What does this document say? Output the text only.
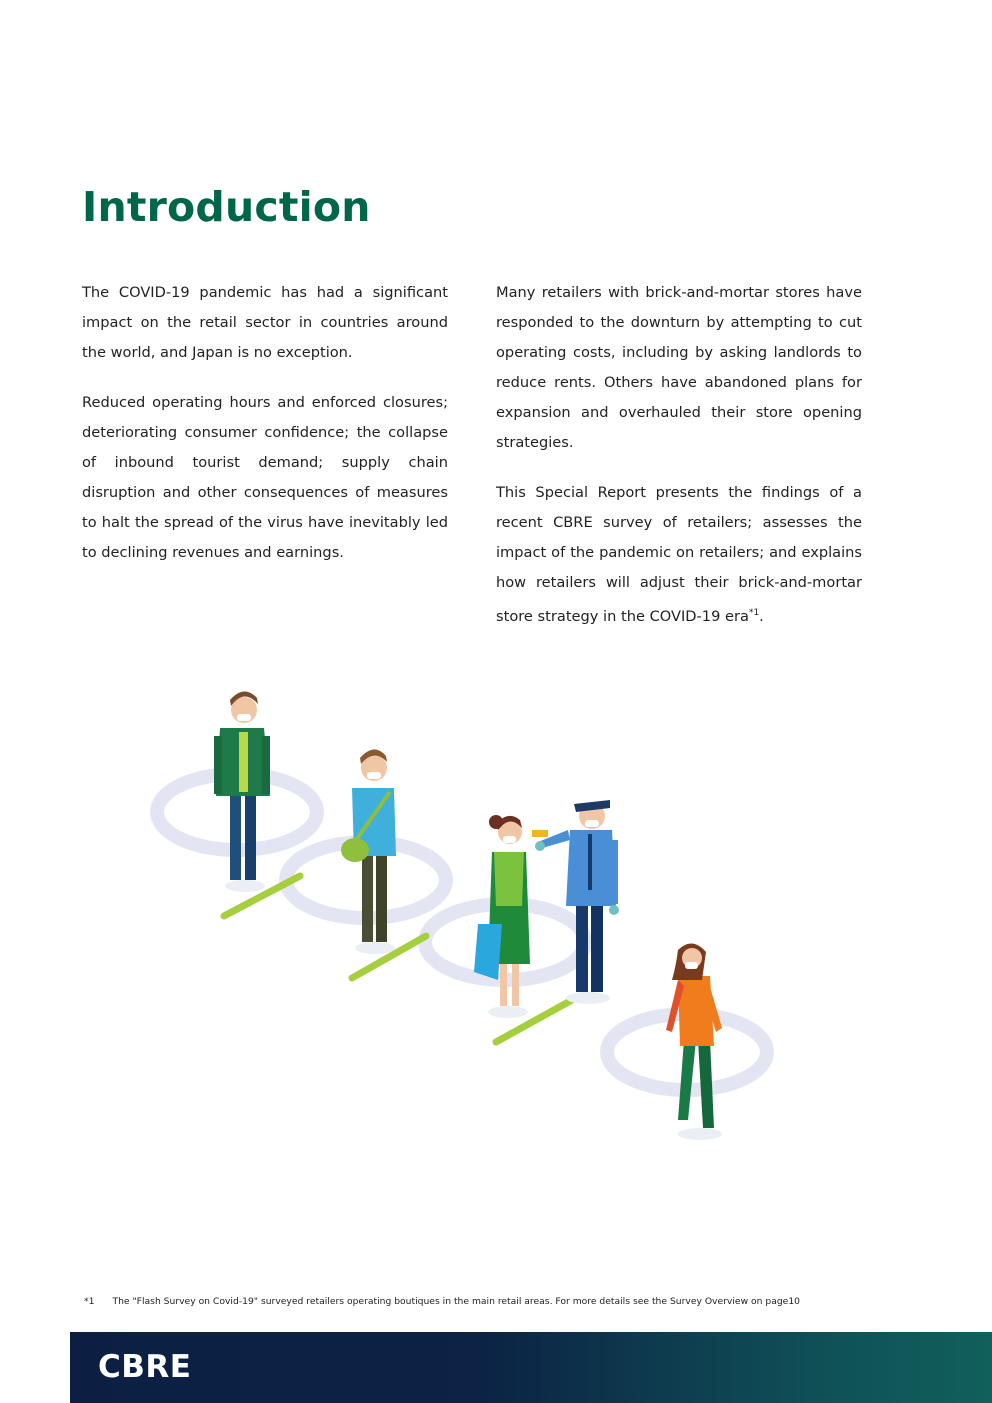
Introduction

The COVID-19 pandemic has had a significant impact on the retail sector in countries around the world, and Japan is no exception.

Reduced operating hours and enforced closures; deteriorating consumer confidence; the collapse of inbound tourist demand; supply chain disruption and other consequences of measures to halt the spread of the virus have inevitably led to declining revenues and earnings.

Many retailers with brick-and-mortar stores have responded to the downturn by attempting to cut operating costs, including by asking landlords to reduce rents. Others have abandoned plans for expansion and overhauled their store opening strategies.

This Special Report presents the findings of a recent CBRE survey of retailers; assesses the impact of the pandemic on retailers; and explains how retailers will adjust their brick-and-mortar store strategy in the COVID-19 era$^{*1}$.

*1 The "Flash Survey on Covid-19" surveyed retailers operating boutiques in the main retail areas. For more details see the Survey Overview on page10
CBRE
